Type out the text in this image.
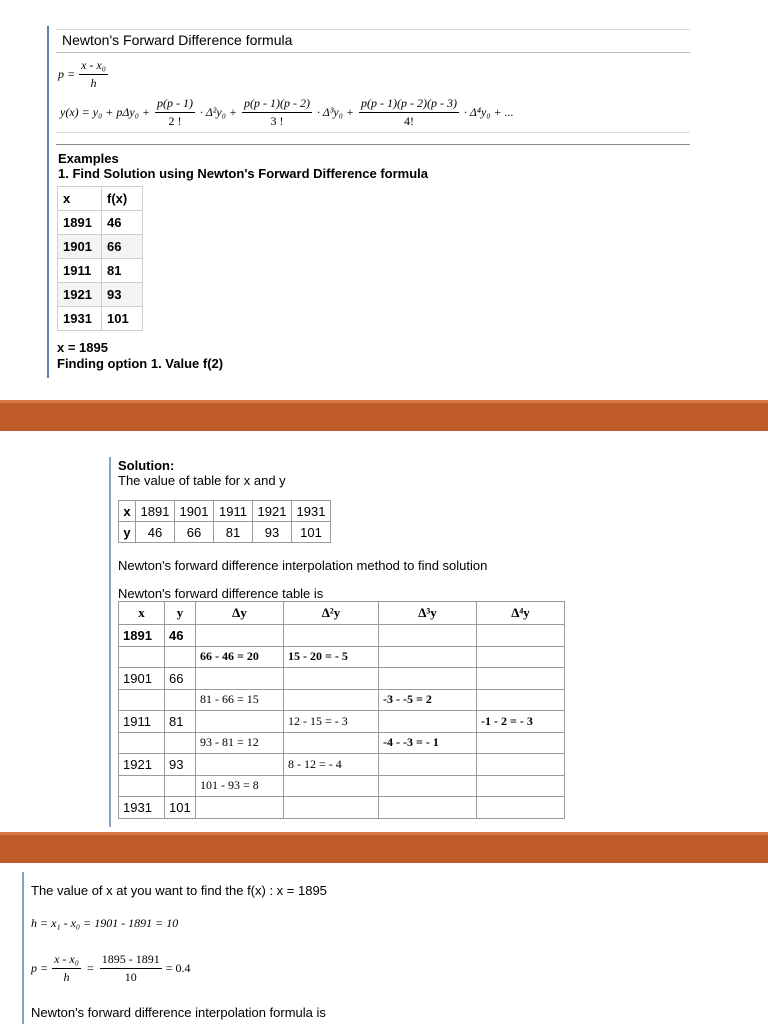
Newton's Forward Difference formula
$p = \frac{\text{x - x₀}}{h}$
$y(x) = y_0 + p\Delta y_0 + \frac{p(p - 1)}{2 !} \cdot \Delta^2y_0 + \frac{p(p - 1)(p - 2)}{3 !} \cdot \Delta^3y_0 + \frac{p(p - 1)(p - 2)(p - 3)}{4!} \cdot \Delta^4y_0$ + ...
Examples
1. Find Solution using Newton's Forward Difference formula
x	f(x)
1891	46
1901	66
1911	81
1921	93
1931	101
x = 1895
Finding option 1. Value f(2)
Solution:
The value of table for x and y
x	1891	1901	1911	1921	1931
y	46	66	81	93	101
Newton's forward difference interpolation method to find solution
Newton's forward difference table is
x	y	Δy	Δ²y	Δ³y	Δ⁴y
1891	46				
		66 - 46 = 20	15 - 20 = - 5		
1901	66				
		81 - 66 = 15		-3 - -5 = 2	
1911	81		12 - 15 = - 3		-1 - 2 = - 3
		93 - 81 = 12		-4 - -3 = - 1	
1921	93		8 - 12 = - 4		
		101 - 93 = 8			
1931	101				
The value of x at you want to find the f(x) : x = 1895
h = x₁ - x₀ = 1901 - 1891 = 10
$p = \frac{\text{x - x₀}}{h} = \frac{1895 - 1891}{10} = 0.4$
Newton's forward difference interpolation formula is
